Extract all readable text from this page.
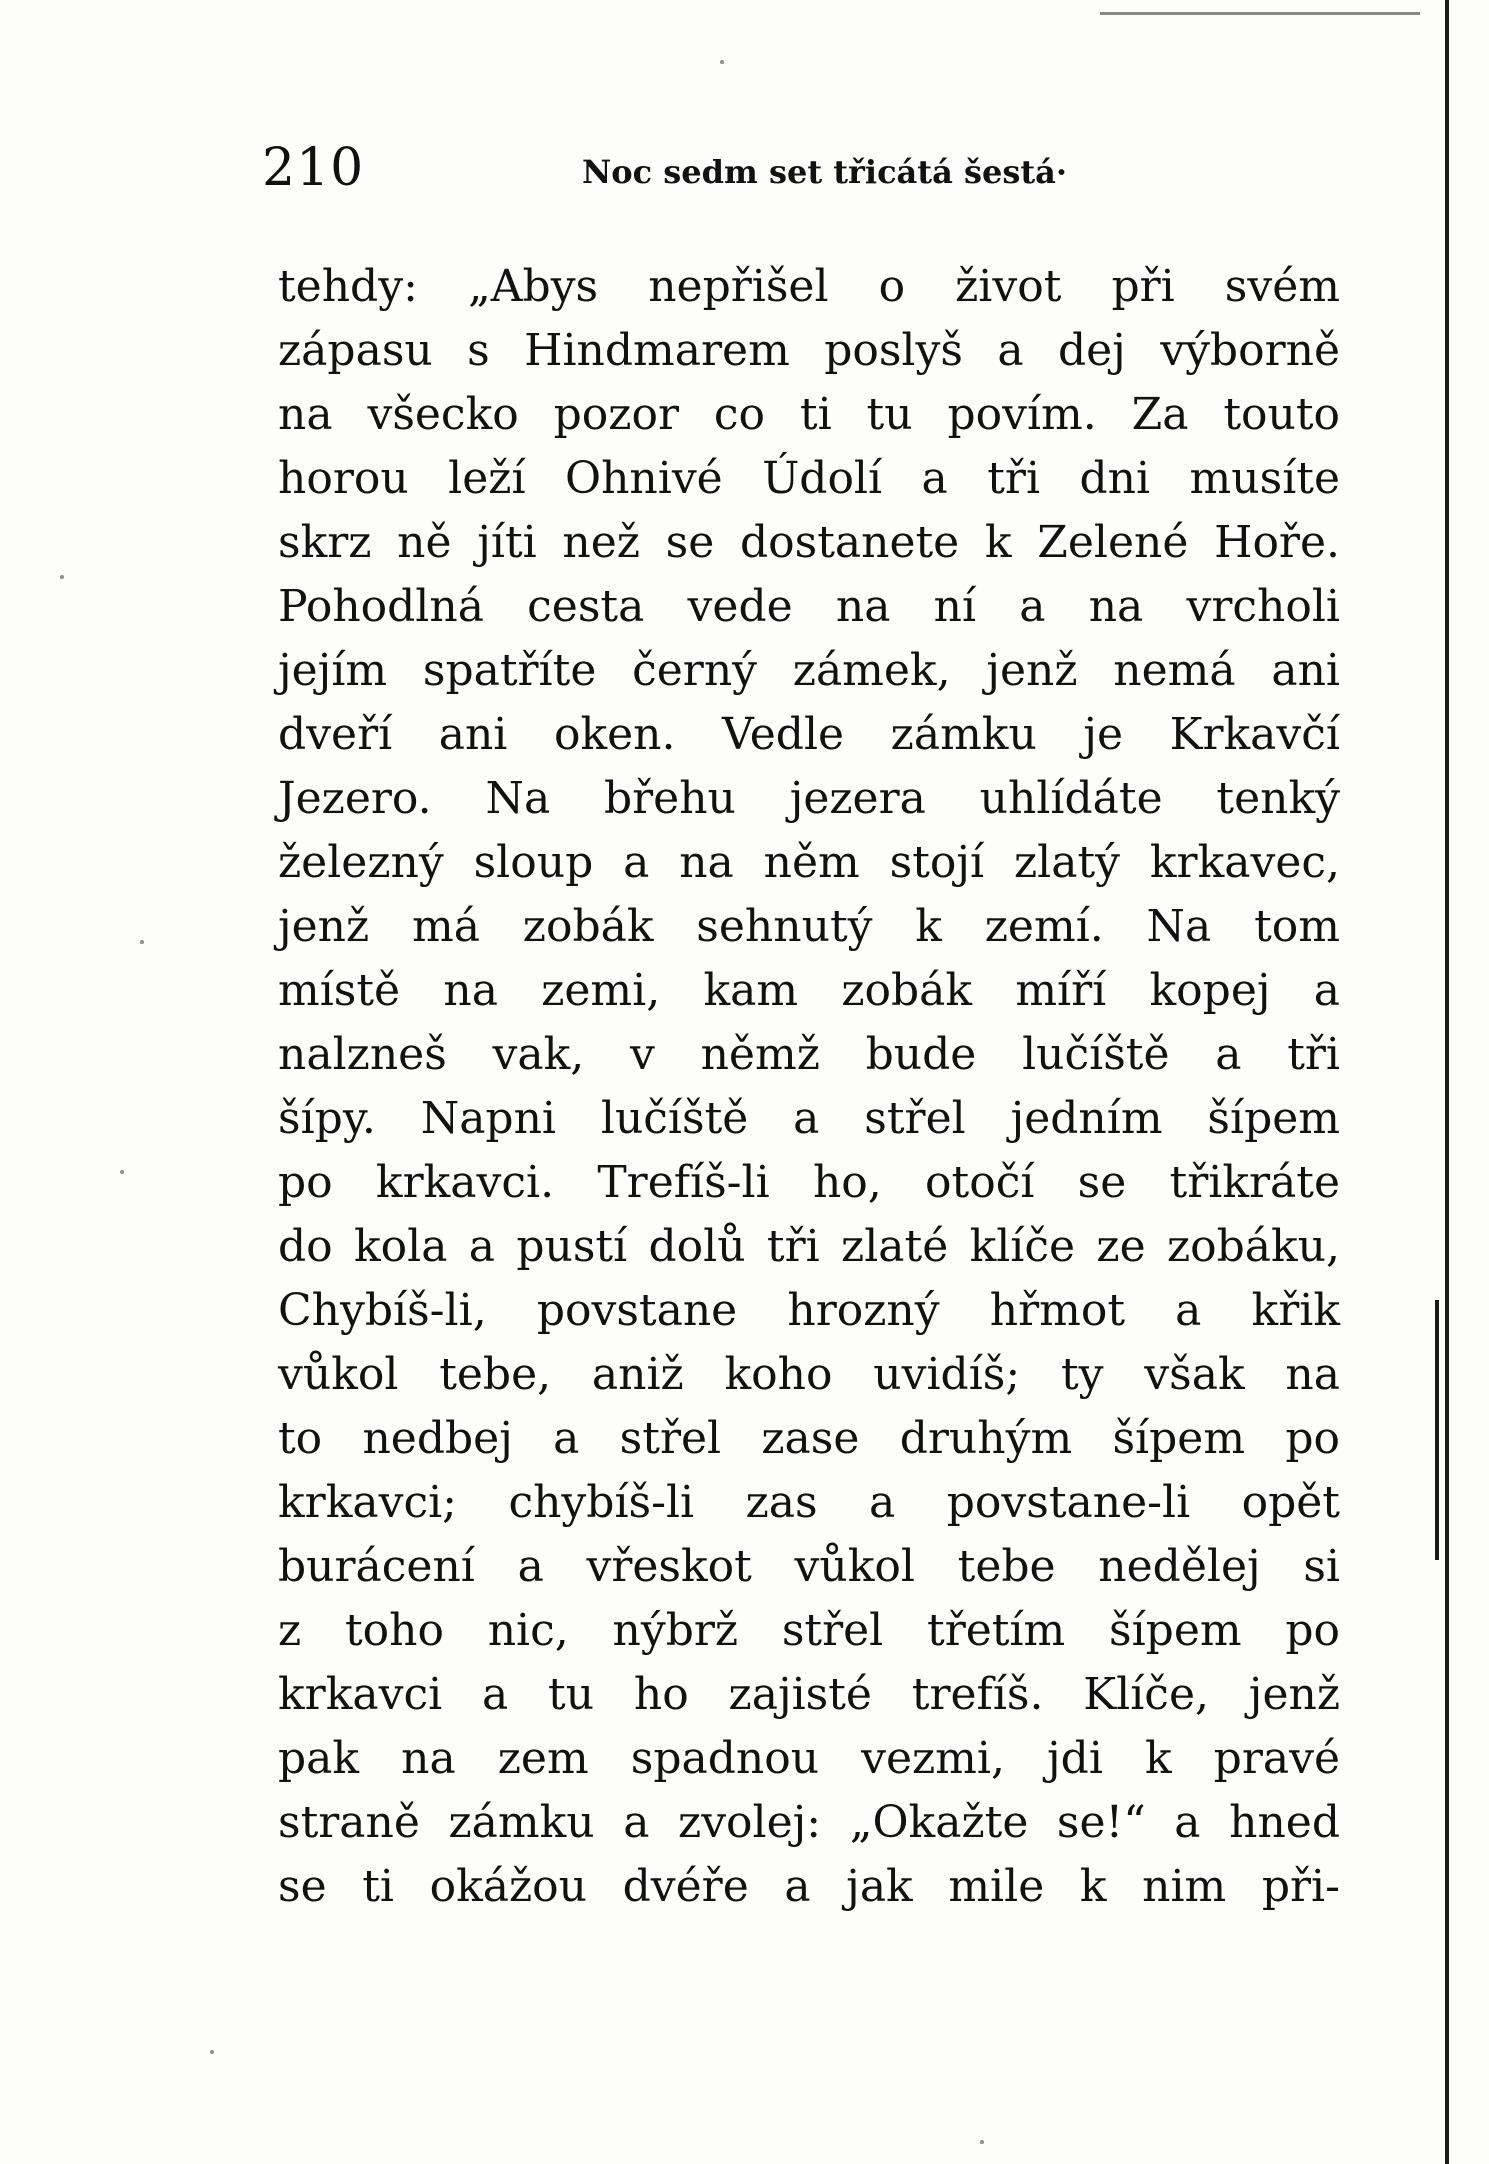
210	Noc sedm set třicátá šestá·
tehdy: „Abys nepřišel o život při svém
zápasu s Hindmarem poslyš a dej výborně
na všecko pozor co ti tu povím. Za touto
horou leží Ohnivé Údolí a tři dni musíte
skrz ně jíti než se dostanete k Zelené Hoře.
Pohodlná cesta vede na ní a na vrcholi
jejím spatříte černý zámek, jenž nemá ani
dveří ani oken. Vedle zámku je Krkavčí
Jezero. Na břehu jezera uhlídáte tenký
železný sloup a na něm stojí zlatý krkavec,
jenž má zobák sehnutý k zemí. Na tom
místě na zemi, kam zobák míří kopej a
nalzneš vak, v němž bude lučíště a tři
šípy. Napni lučíště a střel jedním šípem
po krkavci. Trefíš-li ho, otočí se třikráte
do kola a pustí dolů tři zlaté klíče ze zobáku,
Chybíš-li, povstane hrozný hřmot a křik
vůkol tebe, aniž koho uvidíš; ty však na
to nedbej a střel zase druhým šípem po
krkavci; chybíš-li zas a povstane-li opět
burácení a vřeskot vůkol tebe nedělej si
z toho nic, nýbrž střel třetím šípem po
krkavci a tu ho zajisté trefíš. Klíče, jenž
pak na zem spadnou vezmi, jdi k pravé
straně zámku a zvolej: „Okažte se!“ a hned
se ti okážou dvéře a jak mile k nim při-
